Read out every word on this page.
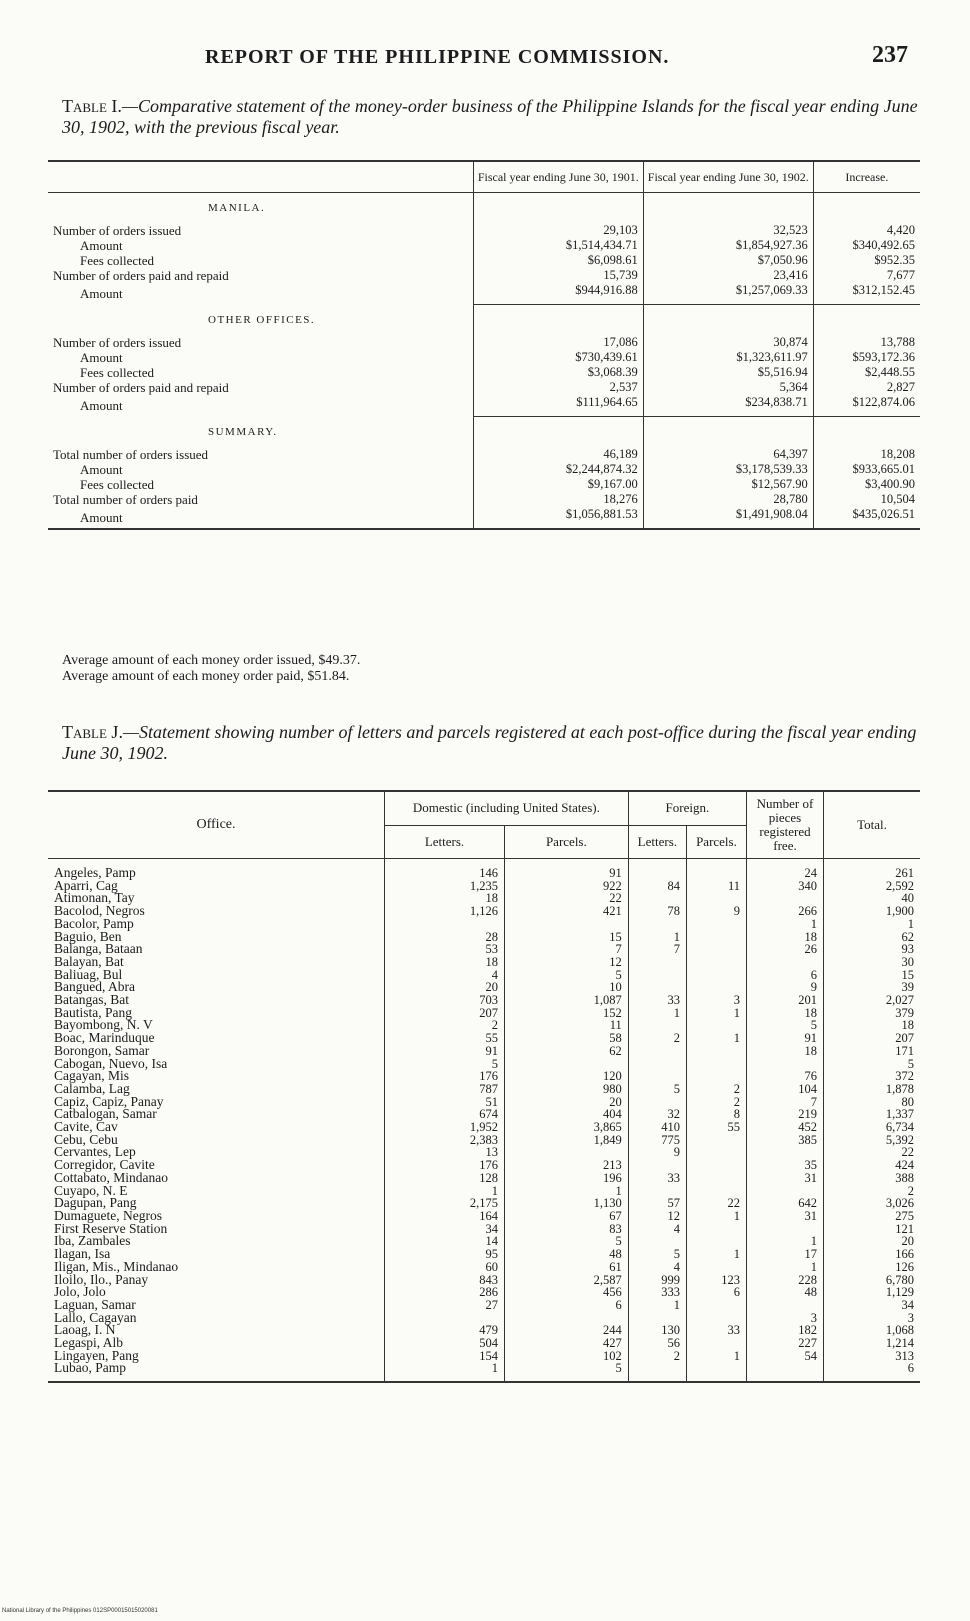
REPORT OF THE PHILIPPINE COMMISSION.	237
Table I.—Comparative statement of the money-order business of the Philippine Islands for the fiscal year ending June 30, 1902, with the previous fiscal year.
	Fiscal year ending June 30, 1901.	Fiscal year ending June 30, 1902.	Increase.
MANILA.			
Number of orders issued	29,103	32,523	4,420
Amount	$1,514,434.71	$1,854,927.36	$340,492.65
Fees collected	$6,098.61	$7,050.96	$952.35
Number of orders paid and repaid	15,739	23,416	7,677
Amount	$944,916.88	$1,257,069.33	$312,152.45
OTHER OFFICES.			
Number of orders issued	17,086	30,874	13,788
Amount	$730,439.61	$1,323,611.97	$593,172.36
Fees collected	$3,068.39	$5,516.94	$2,448.55
Number of orders paid and repaid	2,537	5,364	2,827
Amount	$111,964.65	$234,838.71	$122,874.06
SUMMARY.			
Total number of orders issued	46,189	64,397	18,208
Amount	$2,244,874.32	$3,178,539.33	$933,665.01
Fees collected	$9,167.00	$12,567.90	$3,400.90
Total number of orders paid	18,276	28,780	10,504
Amount	$1,056,881.53	$1,491,908.04	$435,026.51
Average amount of each money order issued, $49.37.
Average amount of each money order paid, $51.84.
Table J.—Statement showing number of letters and parcels registered at each post-office during the fiscal year ending June 30, 1902.
Office.	Domestic (including United States).		Foreign.		Number of pieces registered free.	Total.
	Letters.	Parcels.	Letters.	Parcels.		
Angeles, Pamp	146	91			24	261
Aparri, Cag	1,235	922	84	11	340	2,592
Atimonan, Tay	18	22				40
Bacolod, Negros	1,126	421	78	9	266	1,900
Bacolor, Pamp					1	1
Baguio, Ben	28	15	1		18	62
Balanga, Bataan	53	7	7		26	93
Balayan, Bat	18	12				30
Baliuag, Bul	4	5			6	15
Bangued, Abra	20	10			9	39
Batangas, Bat	703	1,087	33	3	201	2,027
Bautista, Pang	207	152	1	1	18	379
Bayombong, N. V	2	11			5	18
Boac, Marinduque	55	58	2	1	91	207
Borongon, Samar	91	62			18	171
Cabogan, Nuevo, Isa	5					5
Cagayan, Mis	176	120			76	372
Calamba, Lag	787	980	5	2	104	1,878
Capiz, Capiz, Panay	51	20		2	7	80
Catbalogan, Samar	674	404	32	8	219	1,337
Cavite, Cav	1,952	3,865	410	55	452	6,734
Cebu, Cebu	2,383	1,849	775		385	5,392
Cervantes, Lep	13		9			22
Corregidor, Cavite	176	213			35	424
Cottabato, Mindanao	128	196	33		31	388
Cuyapo, N. E	1	1				2
Dagupan, Pang	2,175	1,130	57	22	642	3,026
Dumaguete, Negros	164	67	12	1	31	275
First Reserve Station	34	83	4			121
Iba, Zambales	14	5			1	20
Ilagan, Isa	95	48	5	1	17	166
Iligan, Mis., Mindanao	60	61	4		1	126
Iloilo, Ilo., Panay	843	2,587	999	123	228	6,780
Jolo, Jolo	286	456	333	6	48	1,129
Laguan, Samar	27	6	1			34
Lallo, Cagayan					3	3
Laoag, I. N	479	244	130	33	182	1,068
Legaspi, Alb	504	427	56		227	1,214
Lingayen, Pang	154	102	2	1	54	313
Lubao, Pamp	1	5				6
National Library of the Philippines 012SP00015015020081
